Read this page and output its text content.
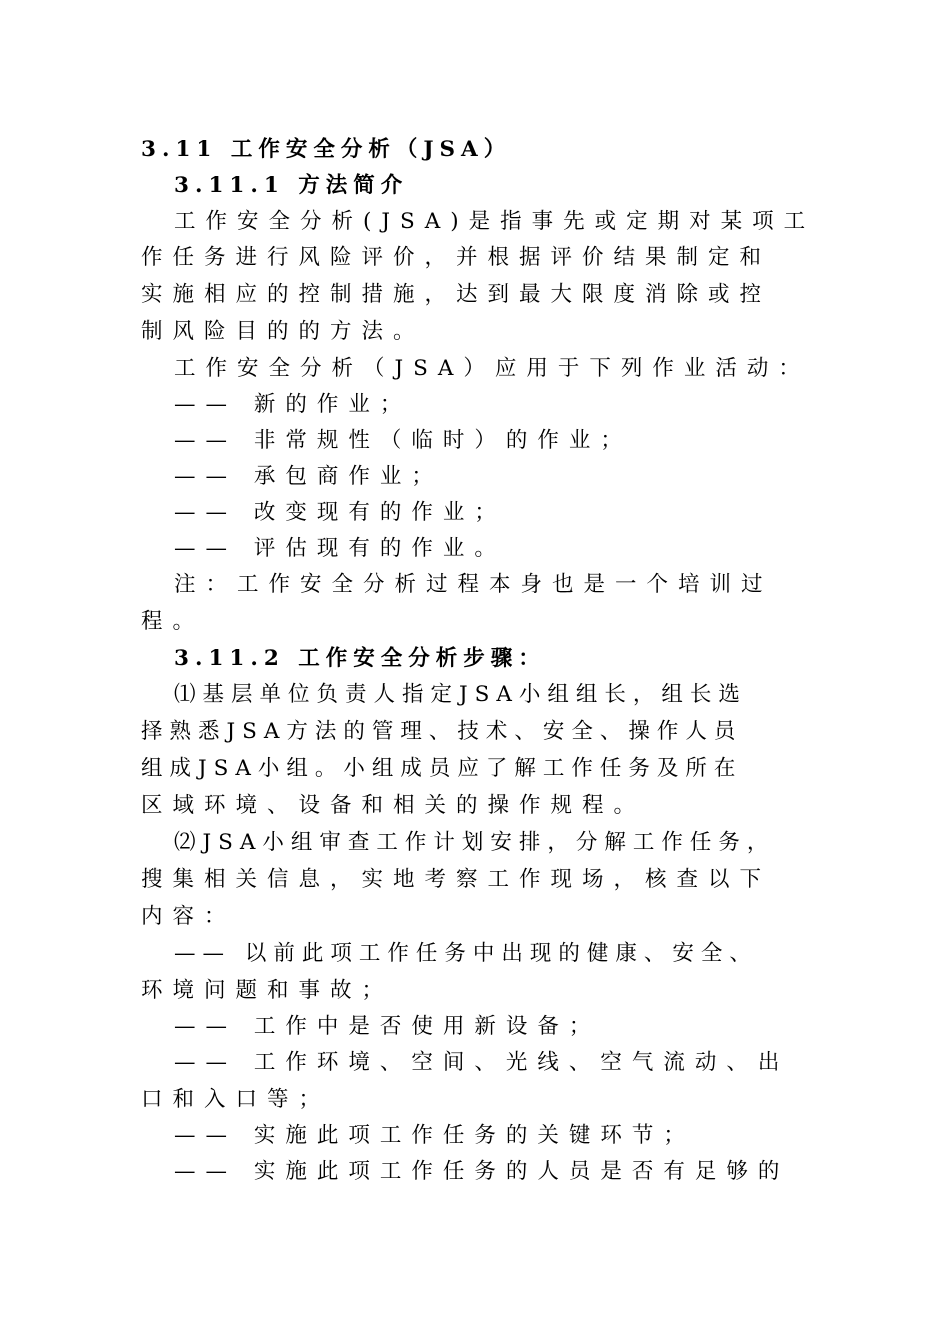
3.11 工作安全分析（JSA）
3.11.1 方法简介
工作安全分析(JSA)是指事先或定期对某项工
作任务进行风险评价，并根据评价结果制定和
实施相应的控制措施，达到最大限度消除或控
制风险目的的方法。
工作安全分析（JSA）应用于下列作业活动：
—— 新的作业；
—— 非常规性（临时）的作业；
—— 承包商作业；
—— 改变现有的作业；
—— 评估现有的作业。
注：工作安全分析过程本身也是一个培训过
程。
3.11.2 工作安全分析步骤：
⑴基层单位负责人指定JSA小组组长，组长选
择熟悉JSA方法的管理、技术、安全、操作人员
组成JSA小组。小组成员应了解工作任务及所在
区域环境、设备和相关的操作规程。
⑵JSA小组审查工作计划安排，分解工作任务，
搜集相关信息，实地考察工作现场，核查以下
内容：
—— 以前此项工作任务中出现的健康、安全、
环境问题和事故；
—— 工作中是否使用新设备；
—— 工作环境、空间、光线、空气流动、出
口和入口等；
—— 实施此项工作任务的关键环节；
—— 实施此项工作任务的人员是否有足够的
